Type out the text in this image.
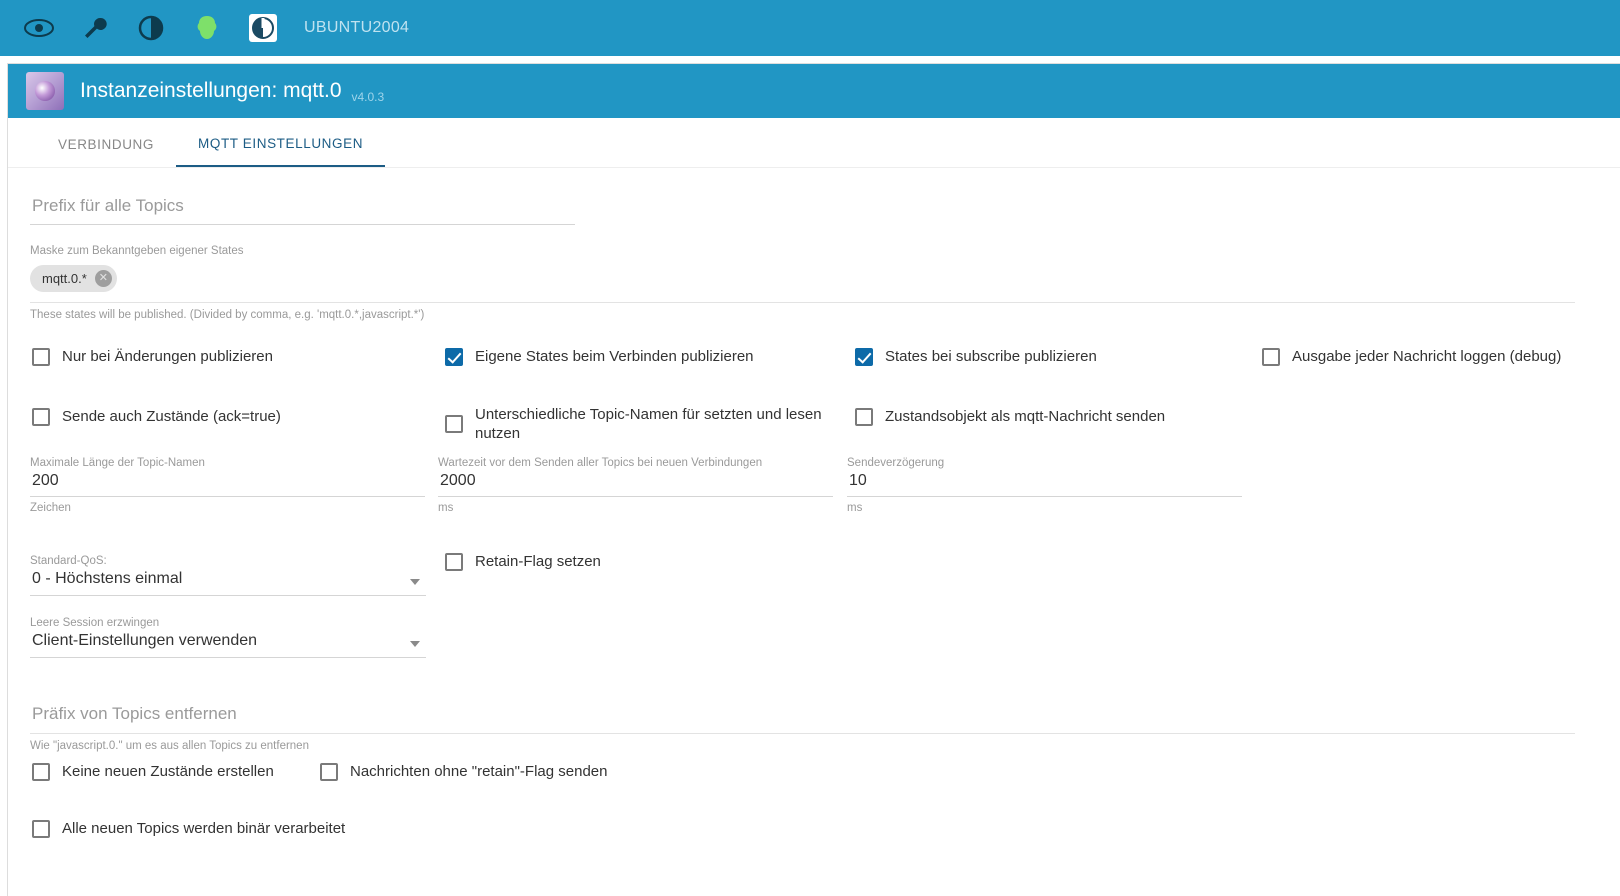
UBUNTU2004
Instanzeinstellungen: mqtt.0 v4.0.3
VERBINDUNG	MQTT EINSTELLUNGEN
Prefix für alle Topics
Maske zum Bekanntgeben eigener States
mqtt.0.*	✕
These states will be published. (Divided by comma, e.g. 'mqtt.0.*,javascript.*')
Nur bei Änderungen publizieren	Eigene States beim Verbinden publizieren	States bei subscribe publizieren	Ausgabe jeder Nachricht loggen (debug)
Sende auch Zustände (ack=true)	Unterschiedliche Topic-Namen für setzten und lesen nutzen
Zustandsobjekt als mqtt-Nachricht senden
Maximale Länge der Topic-Namen
200
Zeichen
Wartezeit vor dem Senden aller Topics bei neuen Verbindungen
2000
ms
Sendeverzögerung
10
ms
Standard-QoS:
0 - Höchstens einmal
Retain-Flag setzen
Leere Session erzwingen
Client-Einstellungen verwenden
Präfix von Topics entfernen
Wie "javascript.0." um es aus allen Topics zu entfernen
Keine neuen Zustände erstellen	Nachrichten ohne "retain"-Flag senden
Alle neuen Topics werden binär verarbeitet
